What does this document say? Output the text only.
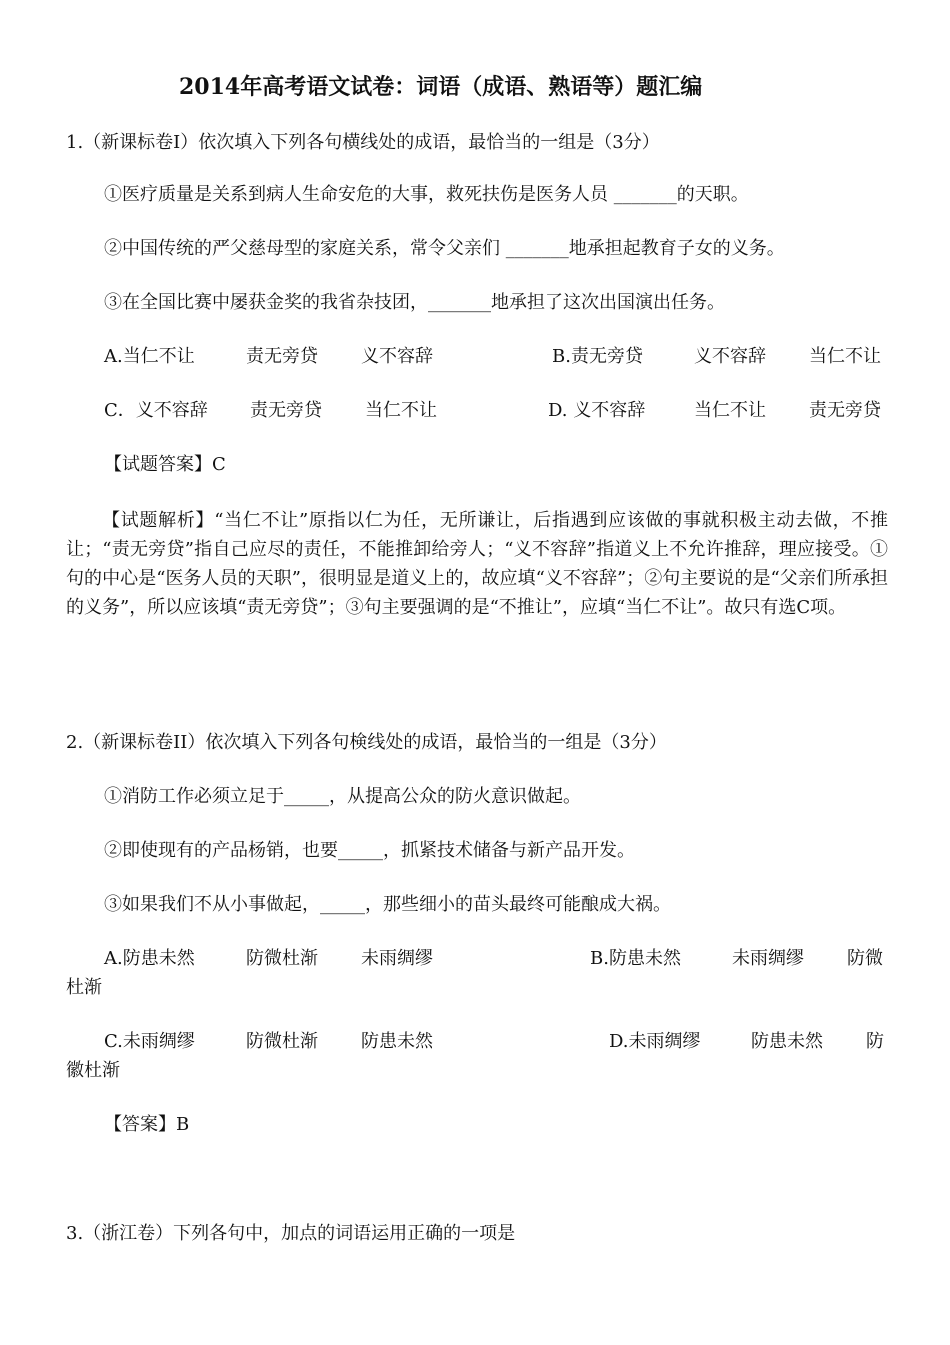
2014年高考语文试卷：词语（成语、熟语等）题汇编
1.（新课标卷Ⅰ）依次填入下列各句横线处的成语，最恰当的一组是（3分）
①医疗质量是关系到病人生命安危的大事，救死扶伤是医务人员 _______的天职。
②中国传统的严父慈母型的家庭关系，常令父亲们 _______地承担起教育子女的义务。
③在全国比赛中屡获金奖的我省杂技团，_______地承担了这次出国演出任务。
A.当仁不让	责无旁贷 义不容辞	B.责无旁贷	义不容辞 当仁不让
C．义不容辞 责无旁贷 当仁不让	D. 义不容辞	当仁不让 责无旁贷
【试题答案】C
【试题解析】“当仁不让”原指以仁为任，无所谦让，后指遇到应该做的事就积极主动去做，不推让；“责无旁贷”指自己应尽的责任，不能推卸给旁人；“义不容辞”指道义上不允许推辞，理应接受。①句的中心是“医务人员的天职”，很明显是道义上的，故应填“义不容辞”；②句主要说的是“父亲们所承担的义务”，所以应该填“责无旁贷”；③句主要强调的是“不推让”，应填“当仁不让”。故只有选C项。
2.（新课标卷II）依次填入下列各句検线处的成语，最恰当的一组是（3分）
①消防工作必须立足于_____，从提高公众的防火意识做起。
②即使现有的产品杨销，也要_____，抓紧技术储备与新产品开发。
③如果我们不从小事做起，_____，那些细小的苗头最终可能酿成大祸。
A.防患未然	防微杜渐 未雨绸缪	B.防患未然	未雨绸缪 防微
杜渐
C.未雨绸缪	防微杜渐 防患未然	D.未雨绸缪	防患未然 防
徽杜渐
【答案】B
3.（浙江卷）下列各句中，加点的词语运用正确的一项是
